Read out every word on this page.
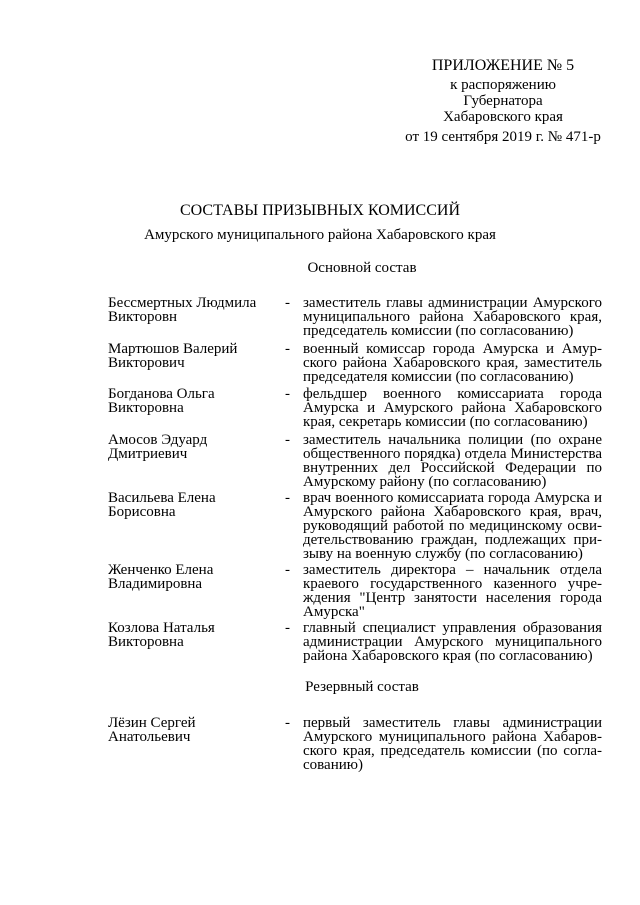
ПРИЛОЖЕНИЕ № 5
к распоряжению
Губернатора
Хабаровского края
от 19 сентября 2019 г. № 471-р
СОСТАВЫ ПРИЗЫВНЫХ КОМИССИЙ
Амурского муниципального района Хабаровского края
Основной состав
Бессмертных Людмила
Викторовн
- заместитель главы администрации Амурского муниципального района Хабаровского края, председатель комиссии (по согласованию)
Мартюшов Валерий
Викторович
- военный комиссар города Амурска и Амурского района Хабаровского края, заместитель председателя комиссии (по согласованию)
Богданова Ольга
Викторовна
- фельдшер военного комиссариата города Амурска и Амурского района Хабаровского края, секретарь комиссии (по согласованию)
Амосов Эдуард
Дмитриевич
- заместитель начальника полиции (по охране общественного порядка) отдела Министерства внутренних дел Российской Федерации по Амурскому району (по согласованию)
Васильева Елена
Борисовна
- врач военного комиссариата города Амурска и Амурского района Хабаровского края, врач, руководящий работой по медицинскому освидетельствованию граждан, подлежащих призыву на военную службу (по согласованию)
Женченко Елена
Владимировна
- заместитель директора – начальник отдела краевого государственного казенного учреждения "Центр занятости населения города Амурска"
Козлова Наталья
Викторовна
- главный специалист управления образования администрации Амурского муниципального района Хабаровского края (по согласованию)
Резервный состав
Лёзин Сергей
Анатольевич
- первый заместитель главы администрации Амурского муниципального района Хабаровского края, председатель комиссии (по согласованию)
